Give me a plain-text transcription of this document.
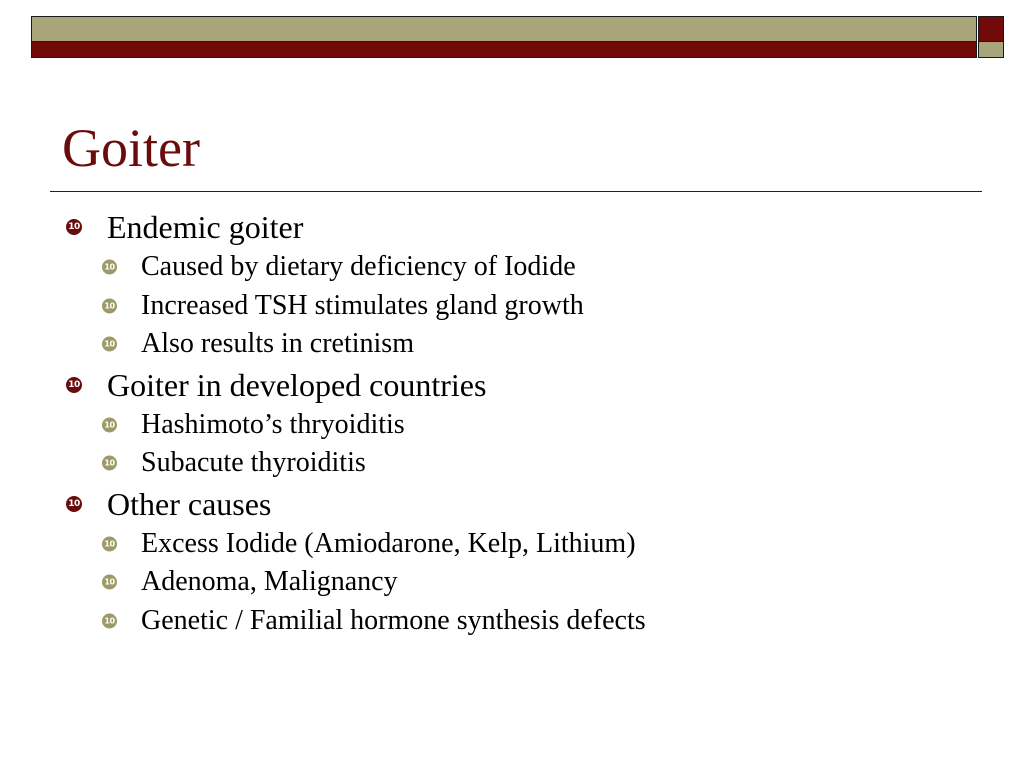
Goiter
10 Endemic goiter
10 Caused by dietary deficiency of Iodide
10 Increased TSH stimulates gland growth
10 Also results in cretinism
10 Goiter in developed countries
10 Hashimoto’s thryoiditis
10 Subacute thyroiditis
10 Other causes
10 Excess Iodide (Amiodarone, Kelp, Lithium)
10 Adenoma, Malignancy
10 Genetic / Familial hormone synthesis defects
